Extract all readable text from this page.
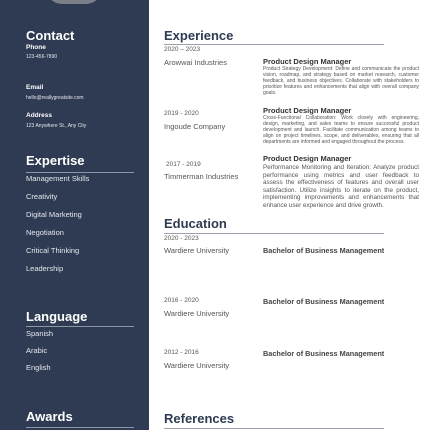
Contact
Phone
123-456-7890
Email
hello@reallygreatsite.com
Address
123 Anywhere St., Any City
Expertise
Management Skills
Creativity
Digital Marketing
Negotiation
Critical Thinking
Leadership
Language
Spanish
Arabic
English
Awards
Experience
2020 – 2023
Arowwai Industries	Product Design Manager
Product Strategy Development: Define and communicate the product vision, roadmap, and strategy based on market research, customer feedback, and business objectives. Collaborate with stakeholders to prioritize features and enhancements that align with overall company goals.
2019 - 2020
Ingoude Company
Product Design Manager
Cross-Functional Collaboration: Work closely with engineering, design, marketing, and sales teams to ensure successful product development and launch. Facilitate communication among teams to align on project timelines, scope, and deliverables, ensuring that all departments are informed and engaged throughout the process.
2017 - 2019
Timmerman Industries
Product Design Manager
Performance Monitoring and Iteration: Analyze product performance using metrics and user feedback to assess the effectiveness of features and overall user satisfaction. Utilize insights to iterate on the product, implementing improvements and enhancements that enhance user experience and drive growth.
Education
2020 - 2023
Wardiere University	Bachelor of Business Management
2016 - 2020
Wardiere University
Bachelor of Business Management
2012 - 2016
Wardiere University
Bachelor of Business Management
References
